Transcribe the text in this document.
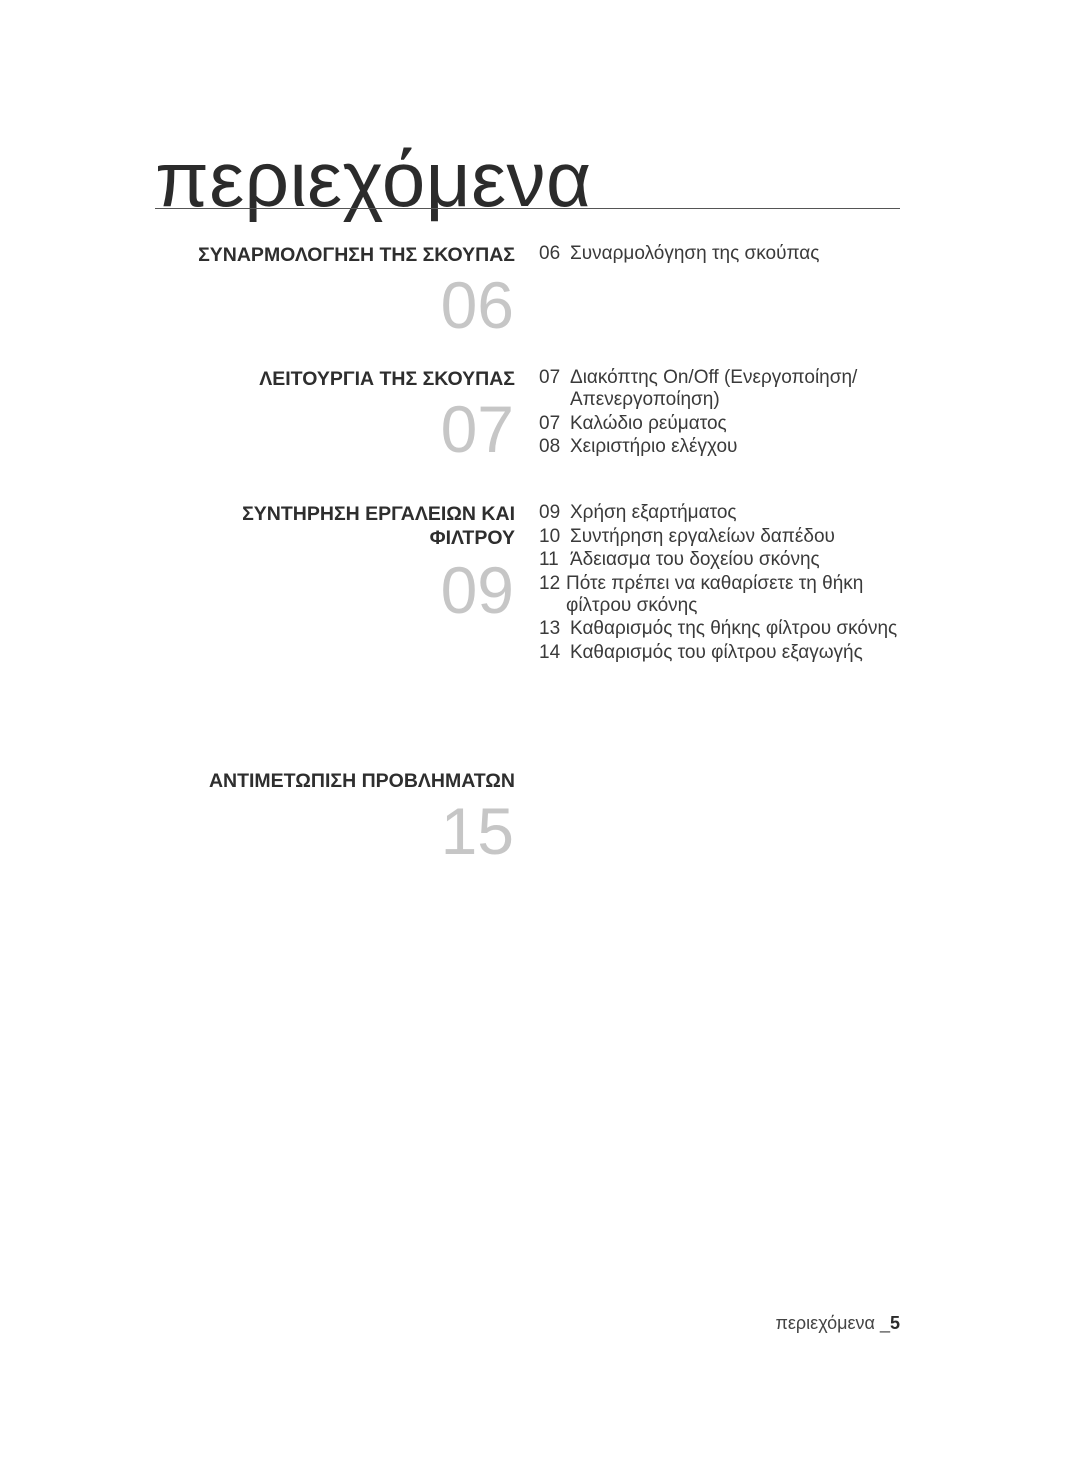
περιεχόμενα
ΣΥΝΑΡΜΟΛΟΓΗΣΗ ΤΗΣ ΣΚΟΥΠΑΣ
06
06 Συναρμολόγηση της σκούπας
ΛΕΙΤΟΥΡΓΙΑ ΤΗΣ ΣΚΟΥΠΑΣ
07
07 Διακόπτης On/Off (Ενεργοποίηση/ Απενεργοποίηση)
07 Καλώδιο ρεύματος
08 Χειριστήριο ελέγχου
ΣΥΝΤΗΡΗΣΗ ΕΡΓΑΛΕΙΩΝ ΚΑΙ ΦΙΛΤΡΟΥ
09
09 Χρήση εξαρτήματος
10 Συντήρηση εργαλείων δαπέδου
11 Άδειασμα του δοχείου σκόνης
12 Πότε πρέπει να καθαρίσετε τη θήκη φίλτρου σκόνης
13 Καθαρισμός της θήκης φίλτρου σκόνης
14 Καθαρισμός του φίλτρου εξαγωγής
ΑΝΤΙΜΕΤΩΠΙΣΗ ΠΡΟΒΛΗΜΑΤΩΝ
15
περιεχόμενα _5
